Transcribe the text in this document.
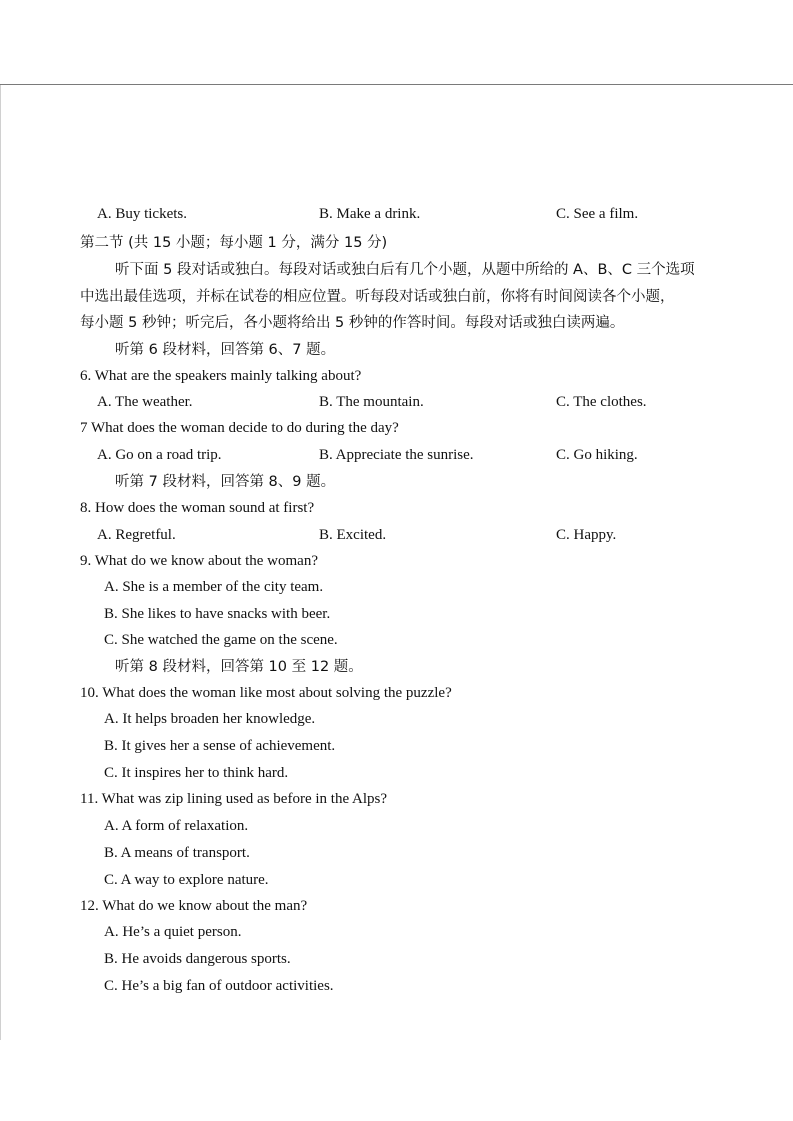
A. Buy tickets.	B. Make a drink.	C. See a film.
第二节 (共 15 小题；每小题 1 分，满分 15 分)
听下面 5 段对话或独白。每段对话或独白后有几个小题，从题中所给的 A、B、C 三个选项
中选出最佳选项，并标在试卷的相应位置。听每段对话或独白前，你将有时间阅读各个小题，
每小题 5 秒钟；听完后，各小题将给出 5 秒钟的作答时间。每段对话或独白读两遍。
听第 6 段材料，回答第 6、7 题。
6. What are the speakers mainly talking about?
A. The weather.	B. The mountain.	C. The clothes.
7 What does the woman decide to do during the day?
A. Go on a road trip.	B. Appreciate the sunrise.	C. Go hiking.
听第 7 段材料，回答第 8、9 题。
8. How does the woman sound at first?
A. Regretful.	B. Excited.	C. Happy.
9. What do we know about the woman?
A. She is a member of the city team.
B. She likes to have snacks with beer.
C. She watched the game on the scene.
听第 8 段材料，回答第 10 至 12 题。
10. What does the woman like most about solving the puzzle?
A. It helps broaden her knowledge.
B. It gives her a sense of achievement.
C. It inspires her to think hard.
11. What was zip lining used as before in the Alps?
A. A form of relaxation.
B. A means of transport.
C. A way to explore nature.
12. What do we know about the man?
A. He’s a quiet person.
B. He avoids dangerous sports.
C. He’s a big fan of outdoor activities.
